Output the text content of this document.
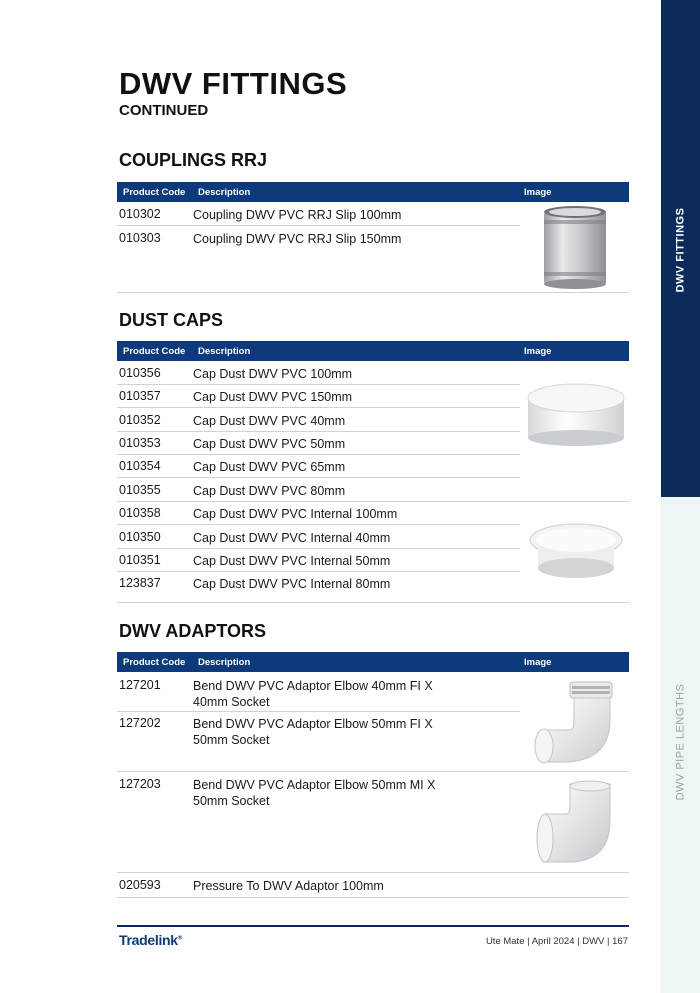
DWV FITTINGS
DWV PIPE LENGTHS
DWV FITTINGS
CONTINUED
COUPLINGS RRJ
Product Code Description	Image
010302	Coupling DWV PVC RRJ Slip 100mm
010303	Coupling DWV PVC RRJ Slip 150mm
DUST CAPS
Product Code Description	Image
010356	Cap Dust DWV PVC 100mm
010357	Cap Dust DWV PVC 150mm
010352	Cap Dust DWV PVC 40mm
010353	Cap Dust DWV PVC 50mm
010354	Cap Dust DWV PVC 65mm
010355	Cap Dust DWV PVC 80mm
010358	Cap Dust DWV PVC Internal 100mm
010350	Cap Dust DWV PVC Internal 40mm
010351	Cap Dust DWV PVC Internal 50mm
123837	Cap Dust DWV PVC Internal 80mm
DWV ADAPTORS
Product Code Description	Image
127201	Bend DWV PVC Adaptor Elbow 40mm FI X 40mm Socket
127202	Bend DWV PVC Adaptor Elbow 50mm FI X 50mm Socket
127203	Bend DWV PVC Adaptor Elbow 50mm MI X 50mm Socket
020593	Pressure To DWV Adaptor 100mm
Tradelink®	Ute Mate | April 2024 | DWV | 167
